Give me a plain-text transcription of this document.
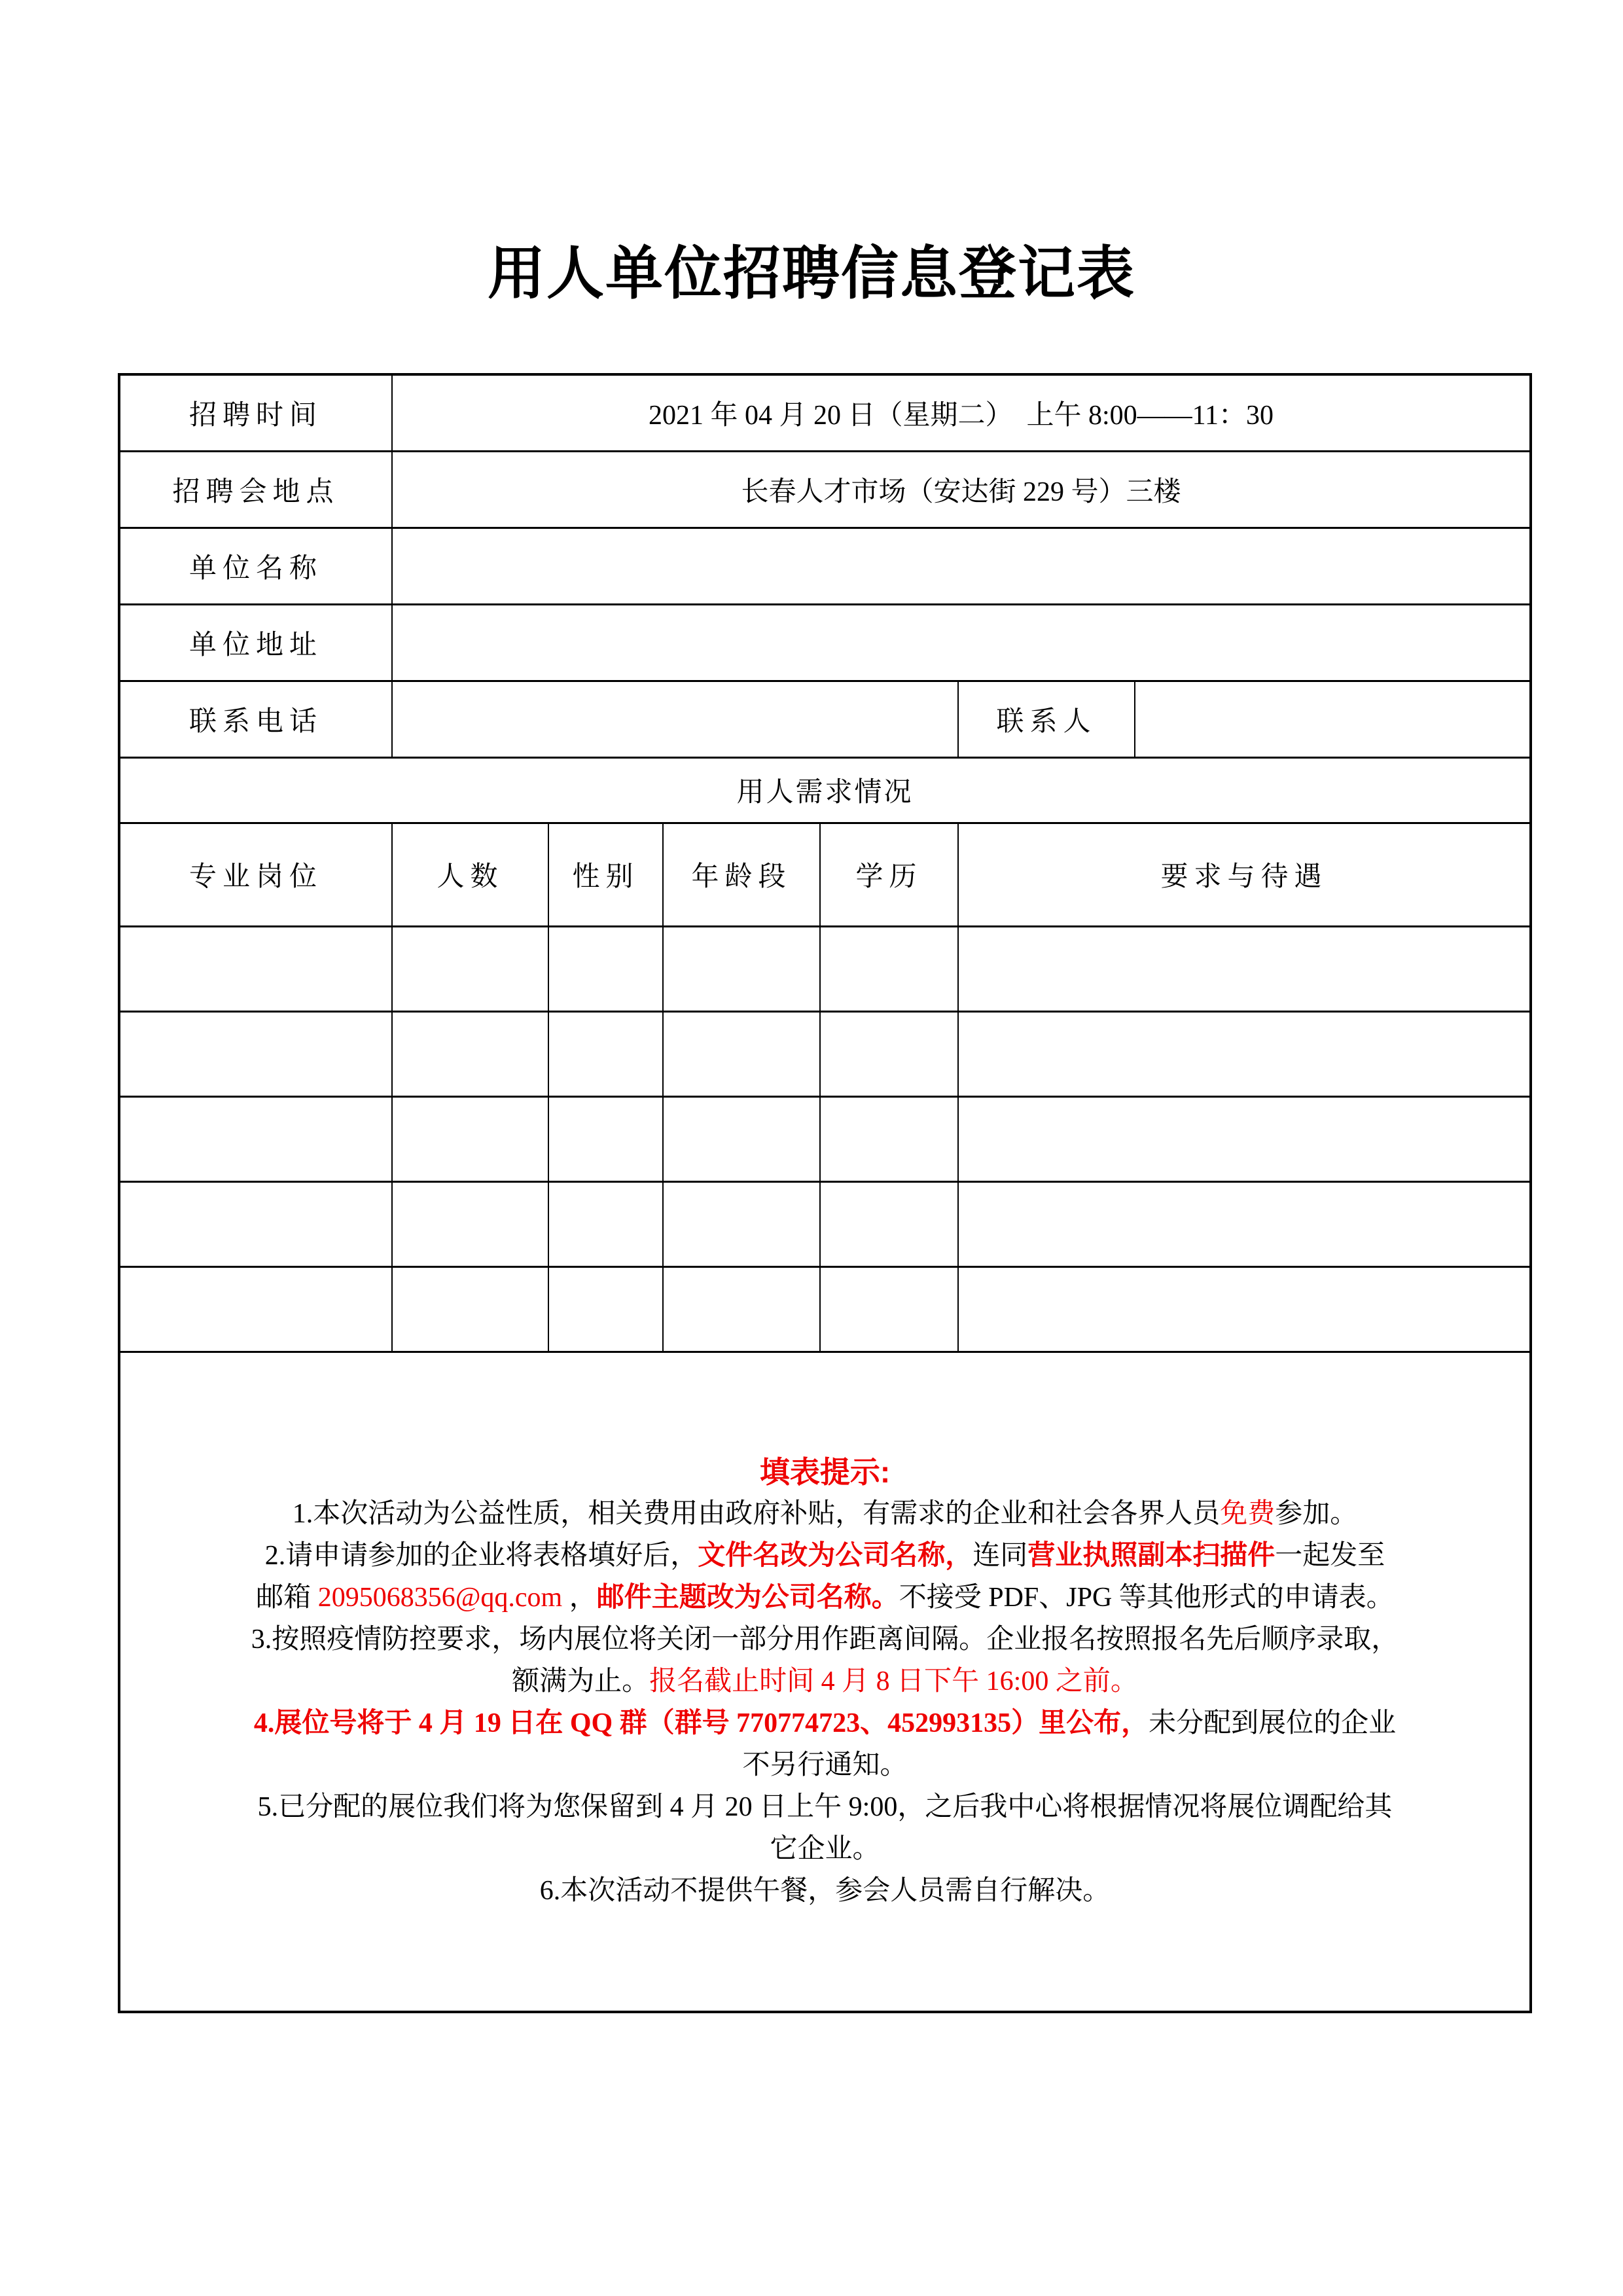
用人单位招聘信息登记表
招聘时间	2021 年 04 月 20 日（星期二）　上午 8:00——11：30					
招聘会地点	长春人才市场（安达街 229 号）三楼					
单位名称						
单位地址						
联系电话					联系人	
用人需求情况						
专业岗位	人数	性别	年龄段	学历	要求与待遇	

填表提示:
1.本次活动为公益性质，相关费用由政府补贴，有需求的企业和社会各界人员免费参加。
2.请申请参加的企业将表格填好后，文件名改为公司名称，连同营业执照副本扫描件一起发至
邮箱 2095068356@qq.com ，邮件主题改为公司名称。不接受 PDF、JPG 等其他形式的申请表。
3.按照疫情防控要求，场内展位将关闭一部分用作距离间隔。企业报名按照报名先后顺序录取，
额满为止。报名截止时间 4 月 8 日下午 16:00 之前。
4.展位号将于 4 月 19 日在 QQ 群（群号 770774723、452993135）里公布，未分配到展位的企业
不另行通知。
5.已分配的展位我们将为您保留到 4 月 20 日上午 9:00，之后我中心将根据情况将展位调配给其
它企业。
6.本次活动不提供午餐，参会人员需自行解决。
